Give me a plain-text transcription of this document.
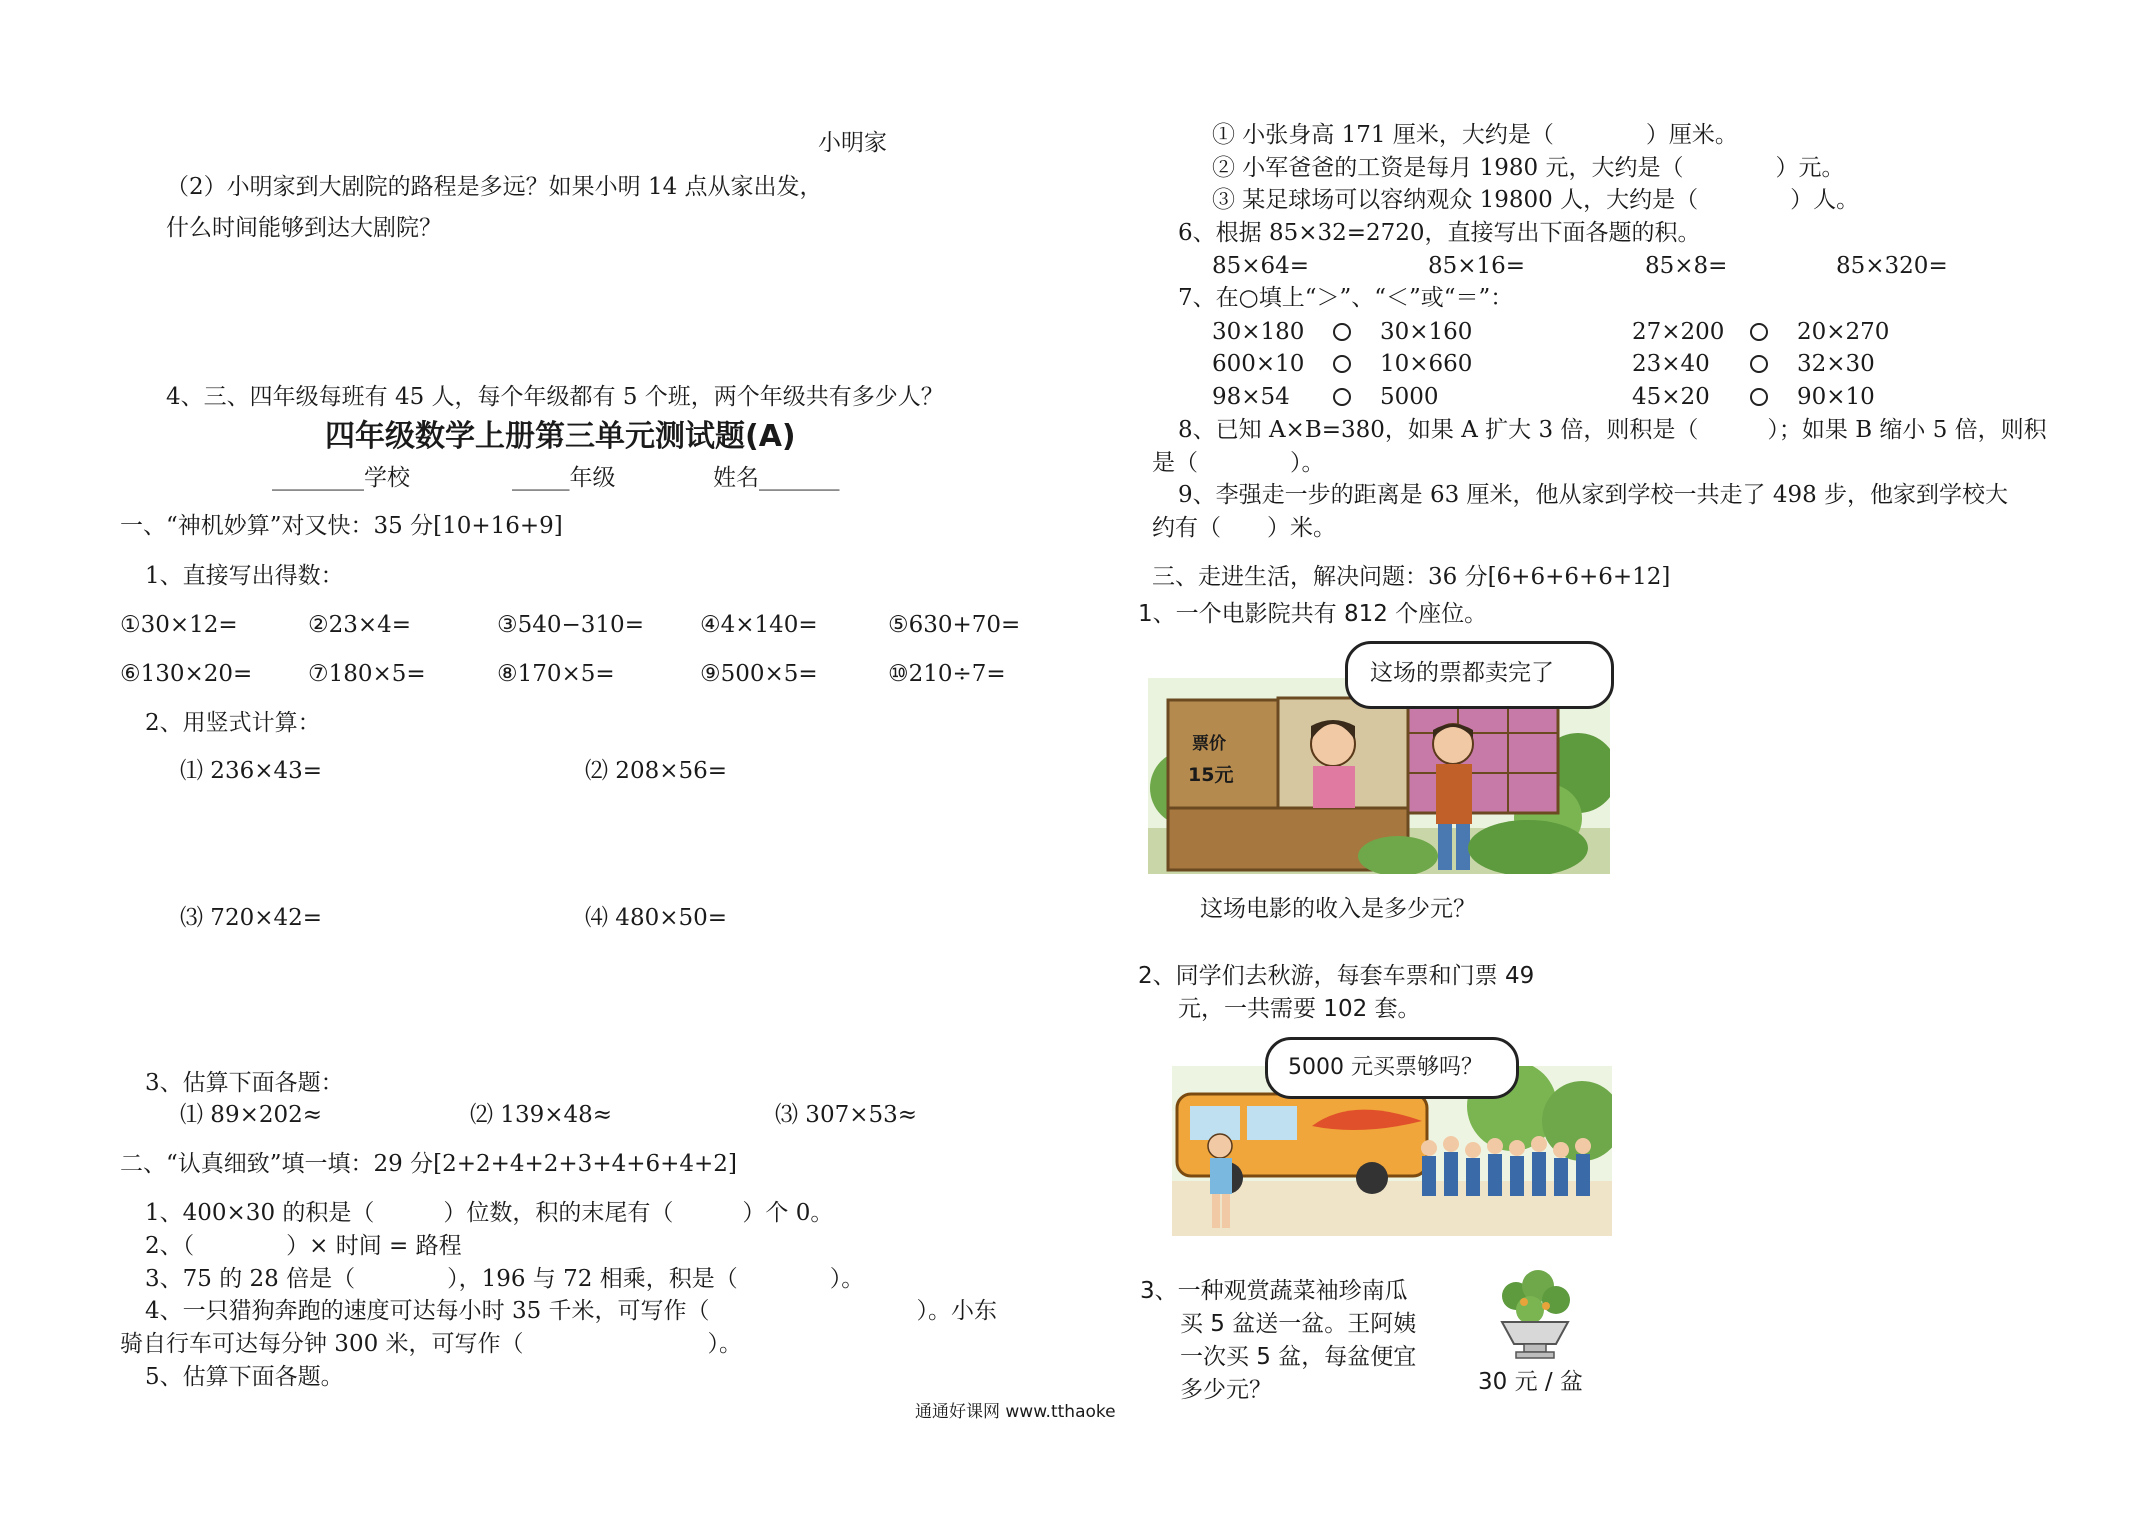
小明家
（2）小明家到大剧院的路程是多远？如果小明 14 点从家出发，
什么时间能够到达大剧院？
4、三、四年级每班有 45 人，每个年级都有 5 个班，两个年级共有多少人？
四年级数学上册第三单元测试题(A)
________学校	_____年级	姓名_______
一、“神机妙算”对又快：35 分[10+16+9]
1、直接写出得数：
①30×12=	②23×4=	③540−310= ④4×140=	⑤630+70=
⑥130×20= ⑦180×5=	⑧170×5=	⑨500×5=	⑩210÷7=
2、用竖式计算：
⑴ 236×43=	⑵ 208×56=
⑶ 720×42=	⑷ 480×50=
3、估算下面各题：
⑴ 89×202≈	⑵ 139×48≈	⑶ 307×53≈
二、“认真细致”填一填：29 分[2+2+4+2+3+4+6+4+2]
1、400×30 的积是（　　　）位数，积的末尾有（　　　）个 0。
2、（　　　　）× 时间 = 路程
3、75 的 28 倍是（　　　　），196 与 72 相乘，积是（　　　　）。
4、一只猎狗奔跑的速度可达每小时 35 千米，可写作（　　　　　　　　　）。小东
骑自行车可达每分钟 300 米，可写作（　　　　　　　　）。
5、估算下面各题。
① 小张身高 171 厘米，大约是（　　　　）厘米。
② 小军爸爸的工资是每月 1980 元，大约是（　　　　）元。
③ 某足球场可以容纳观众 19800 人，大约是（　　　　）人。
6、根据 85×32=2720，直接写出下面各题的积。
85×64=	85×16=	85×8=	85×320=
7、在○填上“＞”、“＜”或“＝”：
30×180	30×160	27×200	20×270
600×10	10×660	23×40	32×30
98×54	5000	45×20	90×10
8、已知 A×B=380，如果 A 扩大 3 倍，则积是（　　　）；如果 B 缩小 5 倍，则积
是（　　　　）。
9、李强走一步的距离是 63 厘米，他从家到学校一共走了 498 步，他家到学校大
约有（　　）米。
三、走进生活，解决问题：36 分[6+6+6+6+12]
1、一个电影院共有 812 个座位。
票价
15元
这场的票都卖完了
这场电影的收入是多少元？
2、同学们去秋游，每套车票和门票 49
元，一共需要 102 套。
5000 元买票够吗？
3、一种观赏蔬菜袖珍南瓜
买 5 盆送一盆。王阿姨
一次买 5 盆，每盆便宜
多少元？	30 元 / 盆
通通好课网 www.tthaoke
